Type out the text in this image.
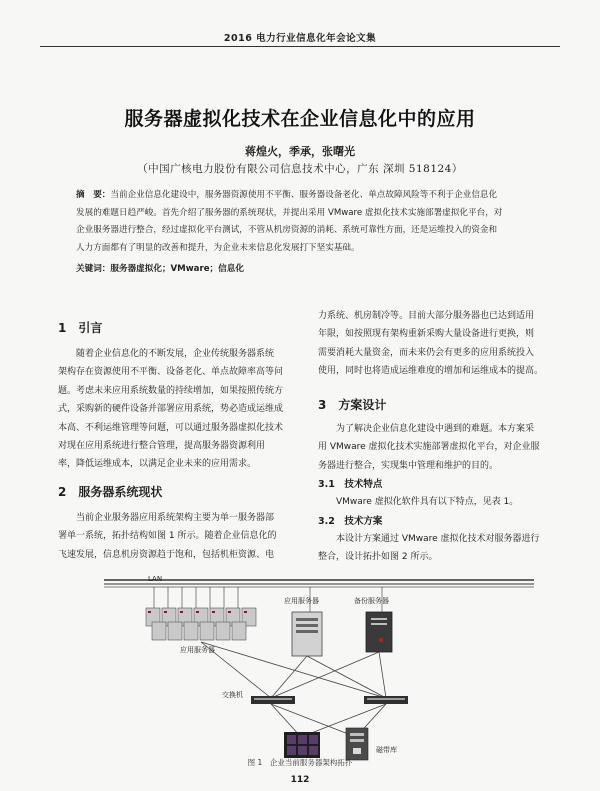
2016 电力行业信息化年会论文集
服务器虚拟化技术在企业信息化中的应用
蒋煌火，季承，张曙光
（中国广核电力股份有限公司信息技术中心，广东 深圳 518124）
摘　要：当前企业信息化建设中，服务器资源使用不平衡、服务器设备老化、单点故障风险等不利于企业信息化
发展的难题日趋严峻。首先介绍了服务器的系统现状，并提出采用 VMware 虚拟化技术实施部署虚拟化平台，对
企业服务器进行整合，经过虚拟化平台测试，不管从机房资源的消耗、系统可靠性方面，还是运维投入的资金和
人力方面都有了明显的改善和提升，为企业未来信息化发展打下坚实基础。
关键词：服务器虚拟化；VMware；信息化
1　引言

随着企业信息化的不断发展，企业传统服务器系统

架构存在资源使用不平衡、设备老化、单点故障率高等问

题。考虑未来应用系统数量的持续增加，如果按照传统方

式，采购新的硬件设备并部署应用系统，势必造成运维成

本高、不利运维管理等问题，可以通过服务器虚拟化技术

对现在应用系统进行整合管理，提高服务器资源利用

率，降低运维成本，以满足企业未来的应用需求。

2　服务器系统现状

当前企业服务器应用系统架构主要为单一服务器部

署单一系统，拓扑结构如图 1 所示。随着企业信息化的

飞速发展，信息机房资源趋于饱和，包括机柜资源、电

力系统、机房制冷等。目前大部分服务器也已达到适用

年限，如按照现有架构重新采购大量设备进行更换，则

需要消耗大量资金，而未来仍会有更多的应用系统投入

使用，同时也将造成运维难度的增加和运维成本的提高。

3　方案设计

为了解决企业信息化建设中遇到的难题。本方案采

用 VMware 虚拟化技术实施部署虚拟化平台，对企业服

务器进行整合，实现集中管理和维护的目的。

3.1　技术特点

VMware 虚拟化软件具有以下特点，见表 1。

3.2　技术方案

本设计方案通过 VMware 虚拟化技术对服务器进行

整合，设计拓扑如图 2 所示。

LAN
应用服务器
应用服务器	备份服务器
交换机
磁带库
图 1　企业当前服务器架构拓扑
112
